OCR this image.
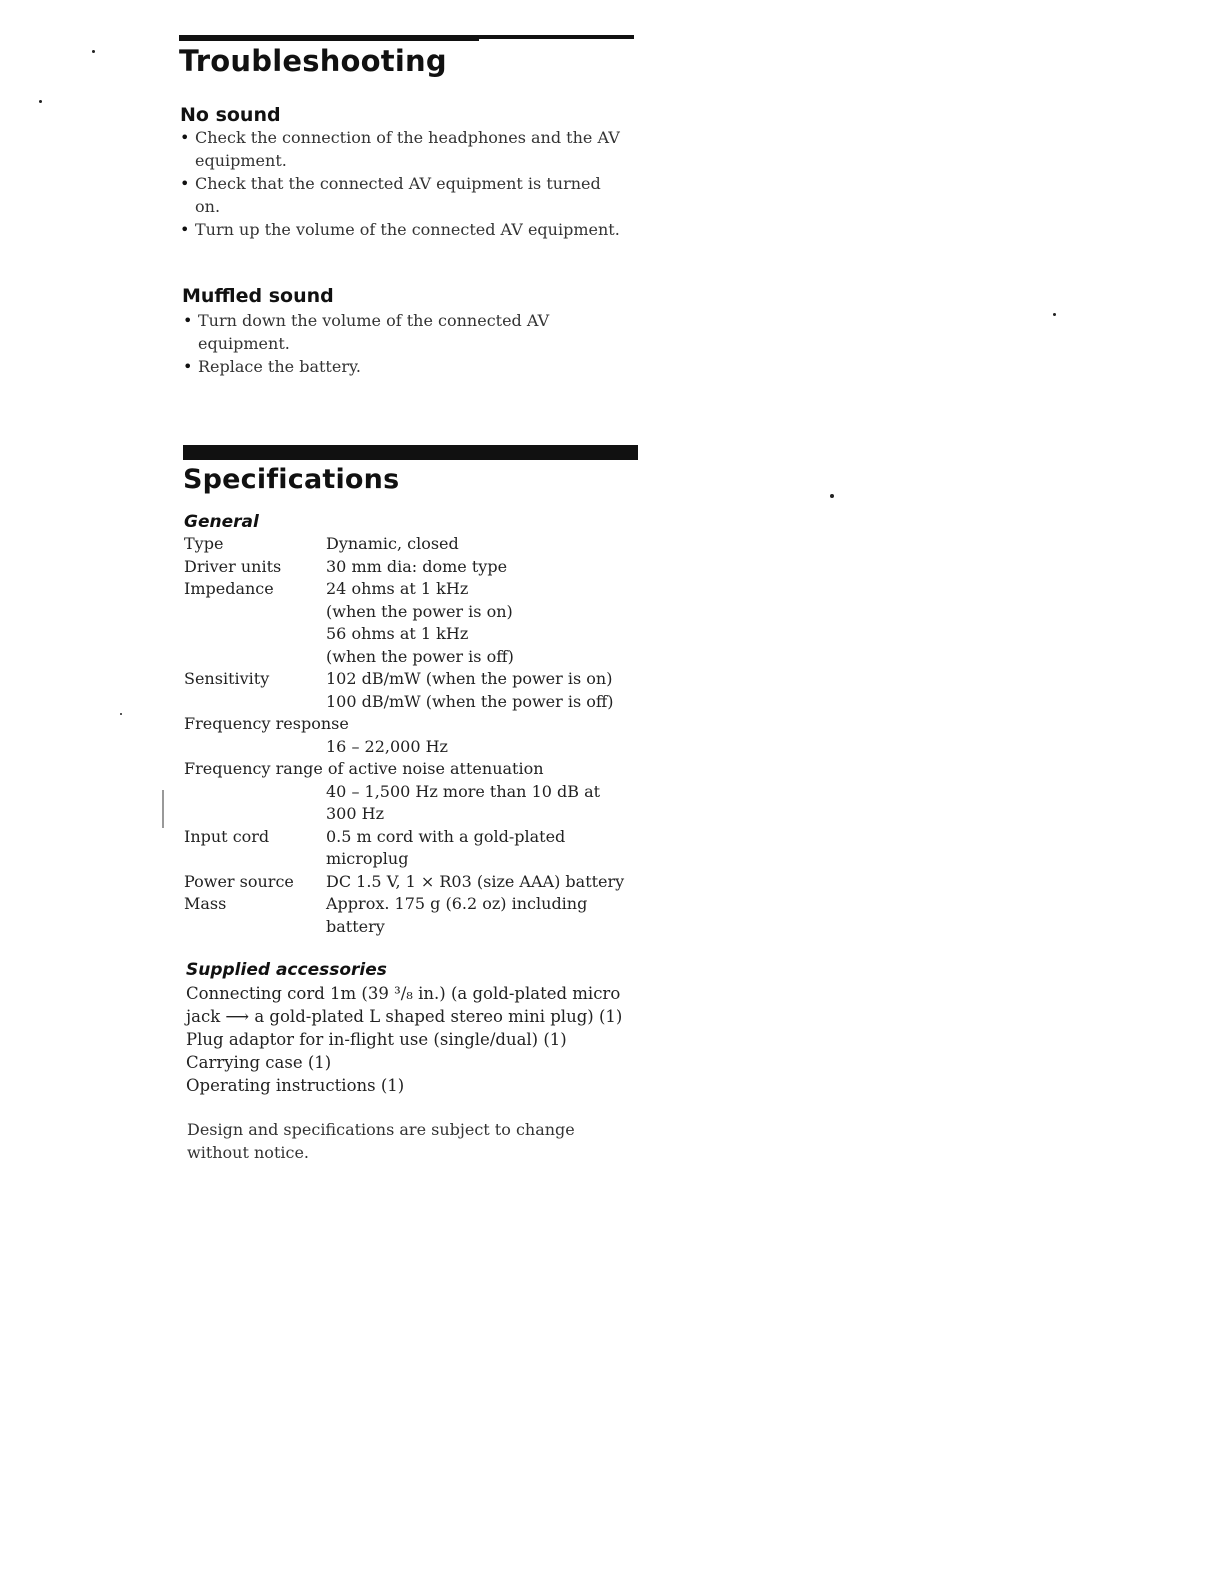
Troubleshooting
No sound
• Check the connection of the headphones and the AV equipment.
• Check that the connected AV equipment is turned on.
• Turn up the volume of the connected AV equipment.
Muffled sound
• Turn down the volume of the connected AV equipment.
• Replace the battery.
Specifications
General
Type	Dynamic, closed
Driver units	30 mm dia: dome type
Impedance	24 ohms at 1 kHz
(when the power is on)
56 ohms at 1 kHz
(when the power is off)
Sensitivity	102 dB/mW (when the power is on)
100 dB/mW (when the power is off)
Frequency response
16 – 22,000 Hz
Frequency range of active noise attenuation
40 – 1,500 Hz more than 10 dB at
300 Hz
Input cord	0.5 m cord with a gold-plated
microplug
Power source DC 1.5 V, 1 × R03 (size AAA) battery
Mass	Approx. 175 g (6.2 oz) including
battery
Supplied accessories
Connecting cord 1m (39 ³/₈ in.) (a gold-plated micro
jack ⟶ a gold-plated L shaped stereo mini plug) (1)
Plug adaptor for in-flight use (single/dual) (1)
Carrying case (1)
Operating instructions (1)
Design and specifications are subject to change
without notice.
